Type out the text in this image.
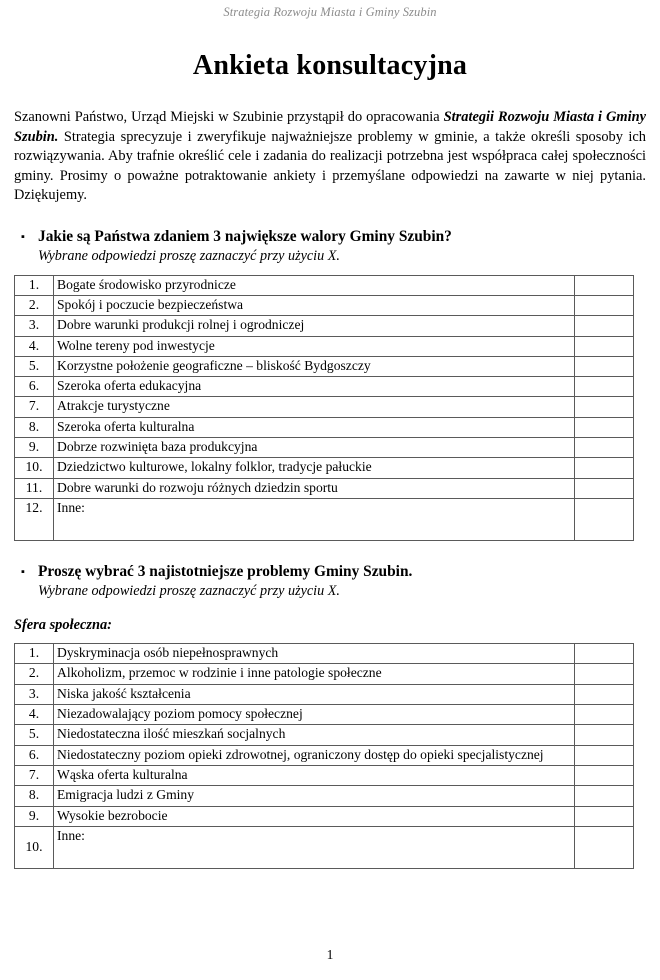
Strategia Rozwoju Miasta i Gminy Szubin
Ankieta konsultacyjna

Szanowni Państwo, Urząd Miejski w Szubinie przystąpił do opracowania Strategii Rozwoju Miasta i Gminy Szubin. Strategia sprecyzuje i zweryfikuje najważniejsze problemy w gminie, a także określi sposoby ich rozwiązywania. Aby trafnie określić cele i zadania do realizacji potrzebna jest współpraca całej społeczności gminy. Prosimy o poważne potraktowanie ankiety i przemyślane odpowiedzi na zawarte w niej pytania. Dziękujemy.

▪ Jakie są Państwa zdaniem 3 największe walory Gminy Szubin?
Wybrane odpowiedzi proszę zaznaczyć przy użyciu X.
1.	Bogate środowisko przyrodnicze	
2.	Spokój i poczucie bezpieczeństwa	
3.	Dobre warunki produkcji rolnej i ogrodniczej	
4.	Wolne tereny pod inwestycje	
5.	Korzystne położenie geograficzne – bliskość Bydgoszczy	
6.	Szeroka oferta edukacyjna	
7.	Atrakcje turystyczne	
8.	Szeroka oferta kulturalna	
9.	Dobrze rozwinięta baza produkcyjna	
10.	Dziedzictwo kulturowe, lokalny folklor, tradycje pałuckie	
11.	Dobre warunki do rozwoju różnych dziedzin sportu	
12.	Inne:	
▪ Proszę wybrać 3 najistotniejsze problemy Gminy Szubin.
Wybrane odpowiedzi proszę zaznaczyć przy użyciu X.
Sfera społeczna:
1.	Dyskryminacja osób niepełnosprawnych	
2.	Alkoholizm, przemoc w rodzinie i inne patologie społeczne	
3.	Niska jakość kształcenia	
4.	Niezadowalający poziom pomocy społecznej	
5.	Niedostateczna ilość mieszkań socjalnych	
6.	Niedostateczny poziom opieki zdrowotnej, ograniczony dostęp do opieki specjalistycznej	
7.	Wąska oferta kulturalna	
8.	Emigracja ludzi z Gminy	
9.	Wysokie bezrobocie	
10.	Inne:	
1
